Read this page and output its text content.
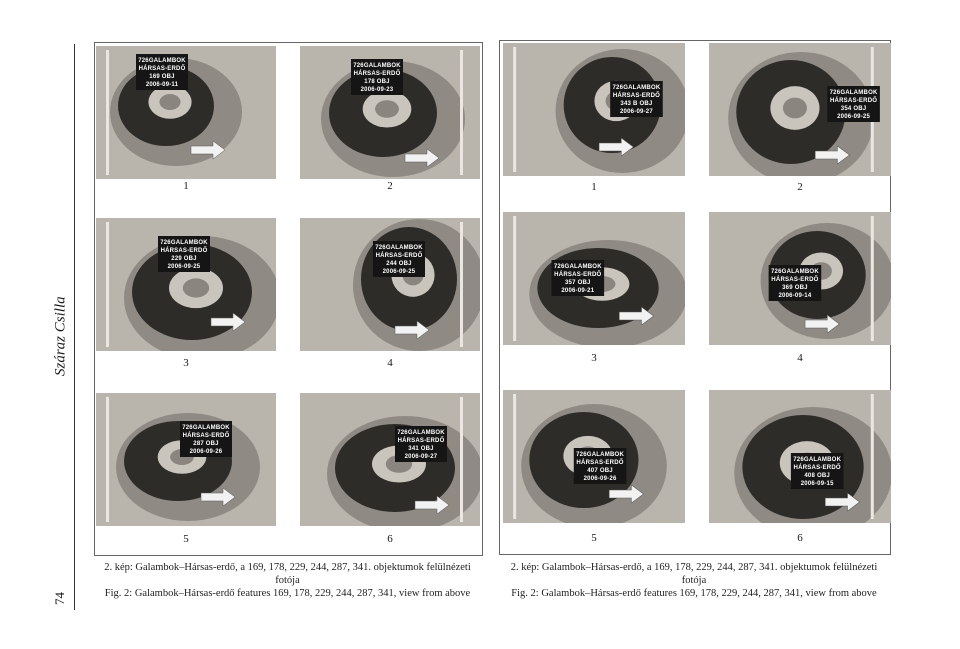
Száraz Csilla
74
2. kép: Galambok–Hársas-erdő, a 169, 178, 229, 244, 287, 341. objektumok felülnézeti fotója
Fig. 2: Galambok–Hársas-erdő features 169, 178, 229, 244, 287, 341, view from above
2. kép: Galambok–Hársas-erdő, a 169, 178, 229, 244, 287, 341. objektumok felülnézeti fotója
Fig. 2: Galambok–Hársas-erdő features 169, 178, 229, 244, 287, 341, view from above
726GALAMBOK
HÁRSAS-ERDŐ
169 OBJ
2006-09-11
1
726GALAMBOK
HÁRSAS-ERDŐ
178 OBJ
2006-09-23
2
726GALAMBOK
HÁRSAS-ERDŐ
229 OBJ
2006-09-25
3
726GALAMBOK
HÁRSAS-ERDŐ
244 OBJ
2006-09-25
4
726GALAMBOK
HÁRSAS-ERDŐ
287 OBJ
2006-09-26
5
726GALAMBOK
HÁRSAS-ERDŐ
341 OBJ
2006-09-27
6
726GALAMBOK
HÁRSAS-ERDŐ
343 B OBJ
2006-09-27
1
726GALAMBOK
HÁRSAS-ERDŐ
354 OBJ
2006-09-25
2
726GALAMBOK
HÁRSAS-ERDŐ
357 OBJ
2006-09-21
3
726GALAMBOK
HÁRSAS-ERDŐ
369 OBJ
2006-09-14
4
726GALAMBOK
HÁRSAS-ERDŐ
407 OBJ
2006-09-26
5
726GALAMBOK
HÁRSAS-ERDŐ
408 OBJ
2006-09-15
6
